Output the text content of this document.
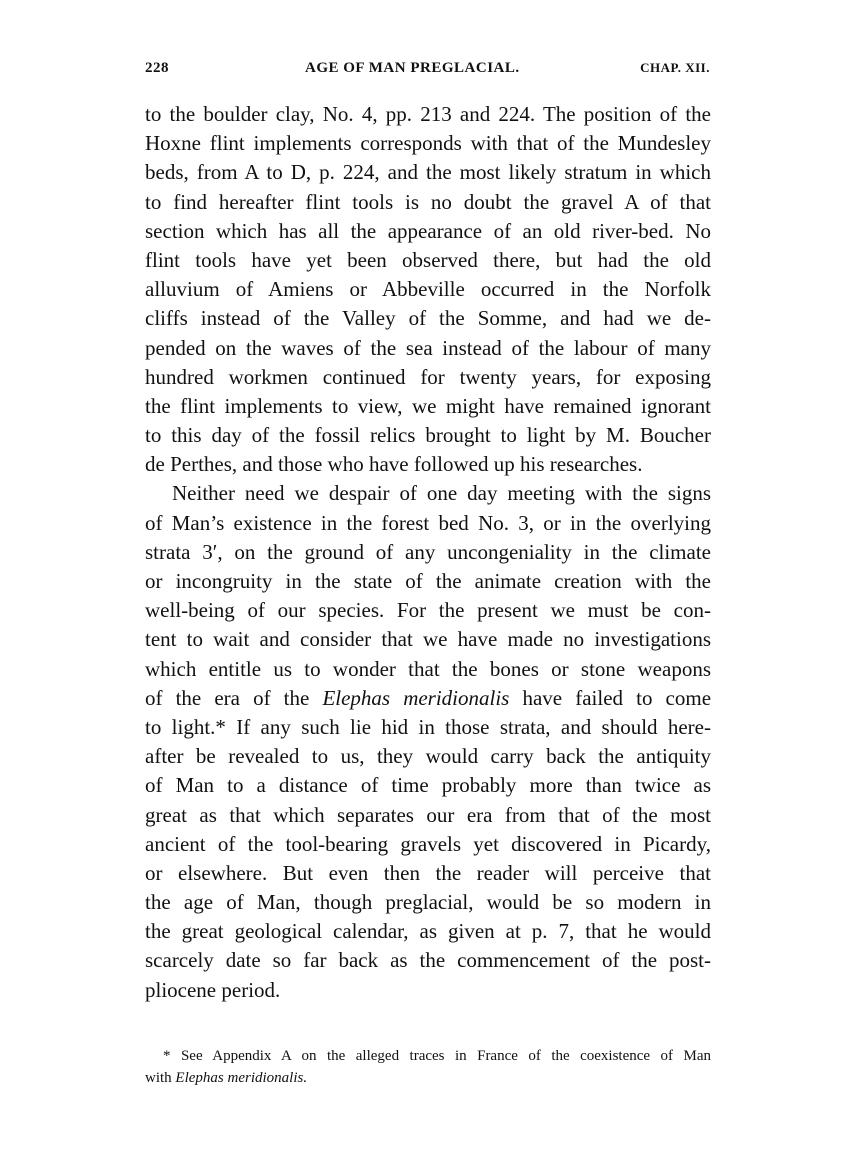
228	AGE OF MAN PREGLACIAL.	CHAP. XII.
to the boulder clay, No. 4, pp. 213 and 224. The position of the
Hoxne flint implements corresponds with that of the Mundesley
beds, from A to D, p. 224, and the most likely stratum in which
to find hereafter flint tools is no doubt the gravel A of that
section which has all the appearance of an old river-bed. No
flint tools have yet been observed there, but had the old
alluvium of Amiens or Abbeville occurred in the Norfolk
cliffs instead of the Valley of the Somme, and had we de-
pended on the waves of the sea instead of the labour of many
hundred workmen continued for twenty years, for exposing
the flint implements to view, we might have remained ignorant
to this day of the fossil relics brought to light by M. Boucher
de Perthes, and those who have followed up his researches.
Neither need we despair of one day meeting with the signs
of Man’s existence in the forest bed No. 3, or in the overlying
strata 3′, on the ground of any uncongeniality in the climate
or incongruity in the state of the animate creation with the
well-being of our species. For the present we must be con-
tent to wait and consider that we have made no investigations
which entitle us to wonder that the bones or stone weapons
of the era of the Elephas meridionalis have failed to come
to light.* If any such lie hid in those strata, and should here-
after be revealed to us, they would carry back the antiquity
of Man to a distance of time probably more than twice as
great as that which separates our era from that of the most
ancient of the tool-bearing gravels yet discovered in Picardy,
or elsewhere. But even then the reader will perceive that
the age of Man, though preglacial, would be so modern in
the great geological calendar, as given at p. 7, that he would
scarcely date so far back as the commencement of the post-
pliocene period.
* See Appendix A on the alleged traces in France of the coexistence of Man
with Elephas meridionalis.
